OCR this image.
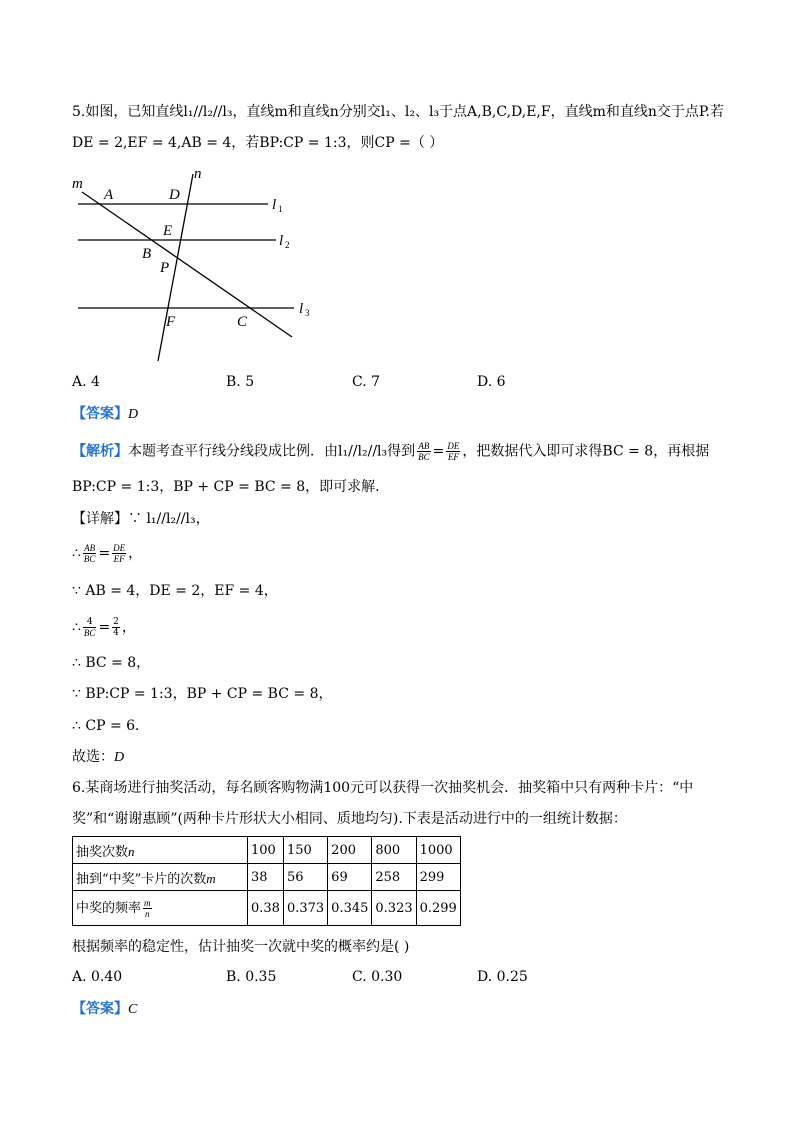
5.如图，已知直线l₁//l₂//l₃，直线m和直线n分别交l₁、l₂、l₃于点A,B,C,D,E,F，直线m和直线n交于点P.若
DE = 2,EF = 4,AB = 4，若BP:CP = 1:3，则CP =（ ）
m
n
A	D
l 1
E
l 2
B
P
F	C
l 3
A. 4	B. 5	C. 7	D. 6
【答案】D
【解析】本题考查平行线分线段成比例．由l₁//l₂//l₃得到 $\frac{AB}{BC} = \frac{DE}{EF}$ ，把数据代入即可求得BC = 8，再根据
BP:CP = 1:3，BP + CP = BC = 8，即可求解．
【详解】∵ l₁//l₂//l₃，
∴ $\frac{AB}{BC} = \frac{DE}{EF}$ ，
∵ AB = 4，DE = 2，EF = 4，
∴ $\frac{4}{BC} = \frac{2}{4}$ ，
∴ BC = 8，
∵ BP:CP = 1:3，BP + CP = BC = 8，
∴ CP = 6．
故选：D
6.某商场进行抽奖活动，每名顾客购物满100元可以获得一次抽奖机会．抽奖箱中只有两种卡片：“中
奖”和“谢谢惠顾”(两种卡片形状大小相同、质地均匀).下表是活动进行中的一组统计数据：
抽奖次数n	100	150	200	800	1000
抽到“中奖”卡片的次数m	38	56	69	258	299
中奖的频率 $\frac{m}{n}$	0.38	0.373	0.345	0.323	0.299
根据频率的稳定性，估计抽奖一次就中奖的概率约是( )
A. 0.40	B. 0.35	C. 0.30	D. 0.25
【答案】C
